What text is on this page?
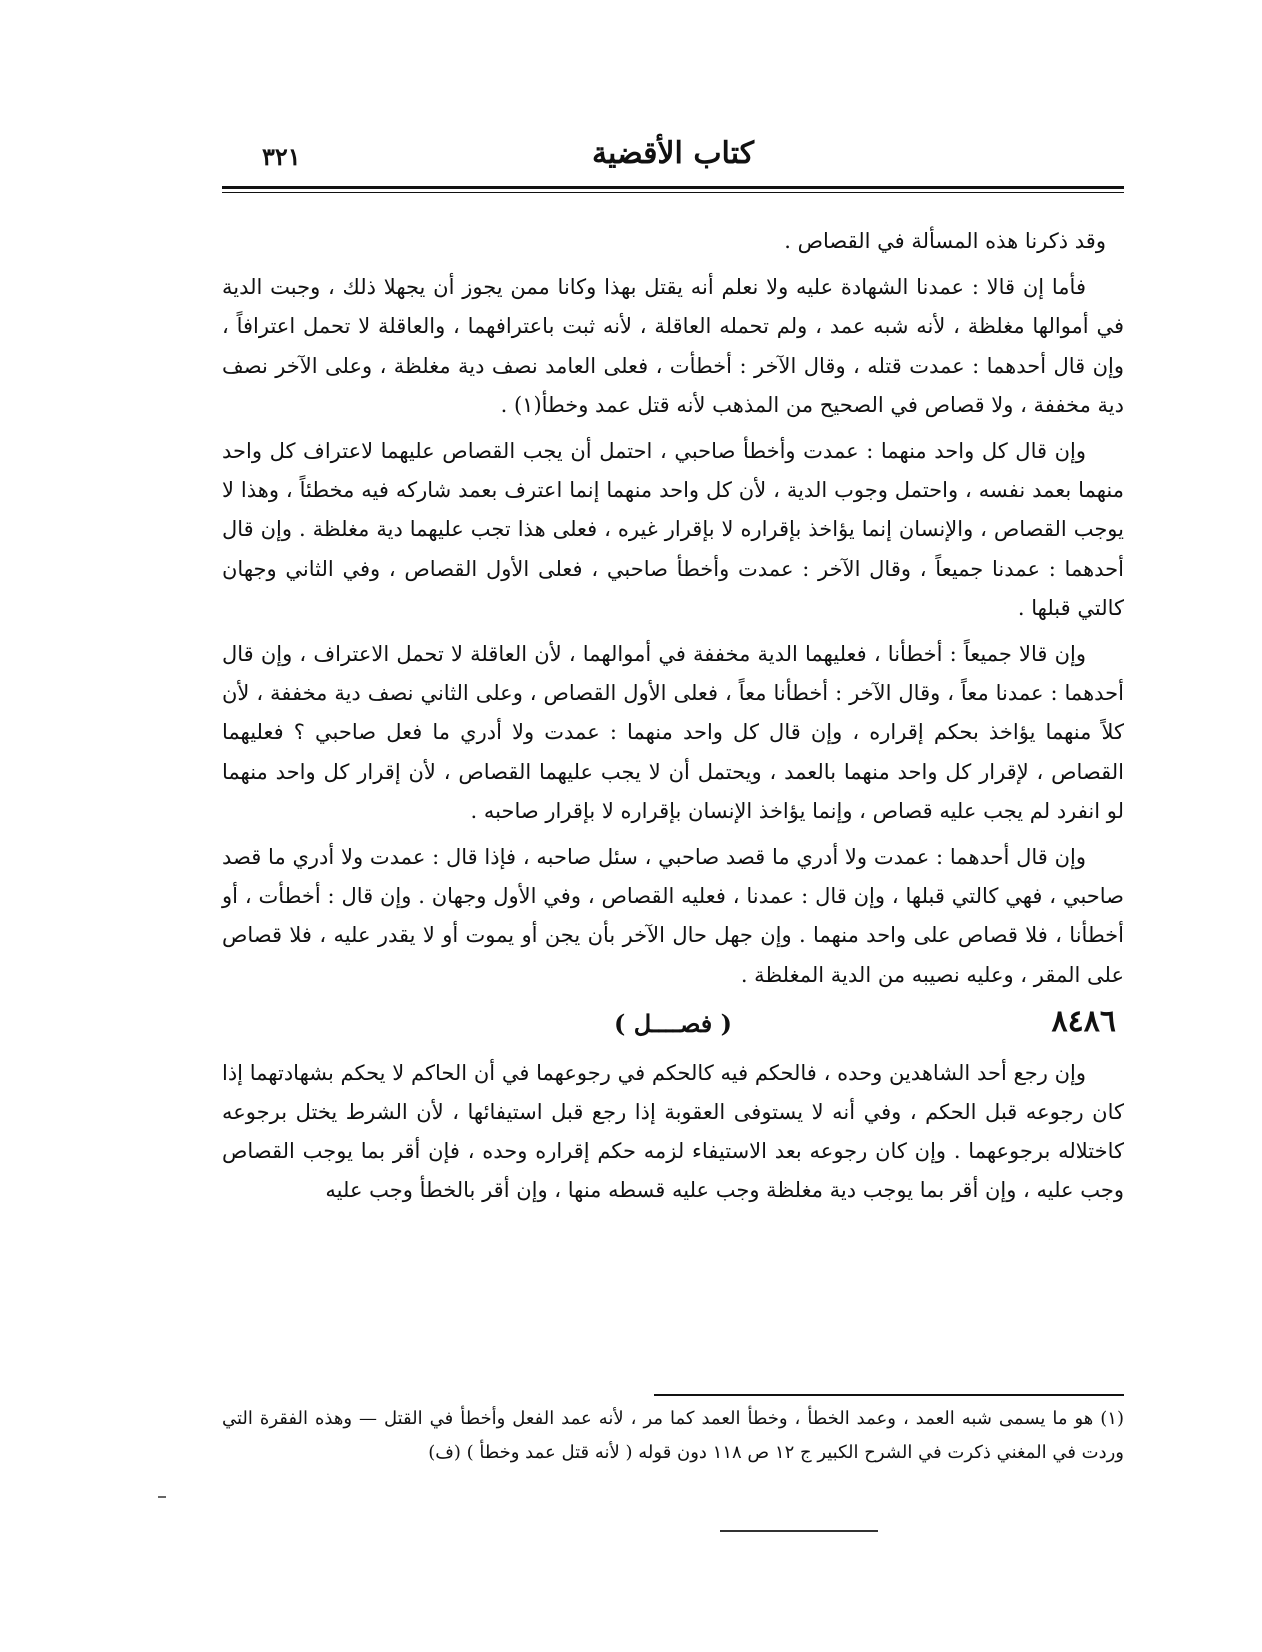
٣٢١	كتاب الأقضية

وقد ذكرنا هذه المسألة في القصاص .

فأما إن قالا : عمدنا الشهادة عليه ولا نعلم أنه يقتل بهذا وكانا ممن يجوز أن يجهلا ذلك ، وجبت الدية في أموالها مغلظة ، لأنه شبه عمد ، ولم تحمله العاقلة ، لأنه ثبت باعترافهما ، والعاقلة لا تحمل اعترافاً ، وإن قال أحدهما : عمدت قتله ، وقال الآخر : أخطأت ، فعلى العامد نصف دية مغلظة ، وعلى الآخر نصف دية مخففة ، ولا قصاص في الصحيح من المذهب لأنه قتل عمد وخطأ(١) .

وإن قال كل واحد منهما : عمدت وأخطأ صاحبي ، احتمل أن يجب القصاص عليهما لاعتراف كل واحد منهما بعمد نفسه ، واحتمل وجوب الدية ، لأن كل واحد منهما إنما اعترف بعمد شاركه فيه مخطئاً ، وهذا لا يوجب القصاص ، والإنسان إنما يؤاخذ بإقراره لا بإقرار غيره ، فعلى هذا تجب عليهما دية مغلظة . وإن قال أحدهما : عمدنا جميعاً ، وقال الآخر : عمدت وأخطأ صاحبي ، فعلى الأول القصاص ، وفي الثاني وجهان كالتي قبلها .

وإن قالا جميعاً : أخطأنا ، فعليهما الدية مخففة في أموالهما ، لأن العاقلة لا تحمل الاعتراف ، وإن قال أحدهما : عمدنا معاً ، وقال الآخر : أخطأنا معاً ، فعلى الأول القصاص ، وعلى الثاني نصف دية مخففة ، لأن كلاً منهما يؤاخذ بحكم إقراره ، وإن قال كل واحد منهما : عمدت ولا أدري ما فعل صاحبي ؟ فعليهما القصاص ، لإقرار كل واحد منهما بالعمد ، ويحتمل أن لا يجب عليهما القصاص ، لأن إقرار كل واحد منهما لو انفرد لم يجب عليه قصاص ، وإنما يؤاخذ الإنسان بإقراره لا بإقرار صاحبه .

وإن قال أحدهما : عمدت ولا أدري ما قصد صاحبي ، سئل صاحبه ، فإذا قال : عمدت ولا أدري ما قصد صاحبي ، فهي كالتي قبلها ، وإن قال : عمدنا ، فعليه القصاص ، وفي الأول وجهان . وإن قال : أخطأت ، أو أخطأنا ، فلا قصاص على واحد منهما . وإن جهل حال الآخر بأن يجن أو يموت أو لا يقدر عليه ، فلا قصاص على المقر ، وعليه نصيبه من الدية المغلظة .

٨٤٨٦
( فصــــل )

وإن رجع أحد الشاهدين وحده ، فالحكم فيه كالحكم في رجوعهما في أن الحاكم لا يحكم بشهادتهما إذا كان رجوعه قبل الحكم ، وفي أنه لا يستوفى العقوبة إذا رجع قبل استيفائها ، لأن الشرط يختل برجوعه كاختلاله برجوعهما . وإن كان رجوعه بعد الاستيفاء لزمه حكم إقراره وحده ، فإن أقر بما يوجب القصاص وجب عليه ، وإن أقر بما يوجب دية مغلظة وجب عليه قسطه منها ، وإن أقر بالخطأ وجب عليه

(١) هو ما يسمى شبه العمد ، وعمد الخطأ ، وخطأ العمد كما مر ، لأنه عمد الفعل وأخطأ في القتل — وهذه الفقرة التي وردت في المغني ذكرت في الشرح الكبير ج ١٢ ص ١١٨ دون قوله ( لأنه قتل عمد وخطأ ) (ف)
